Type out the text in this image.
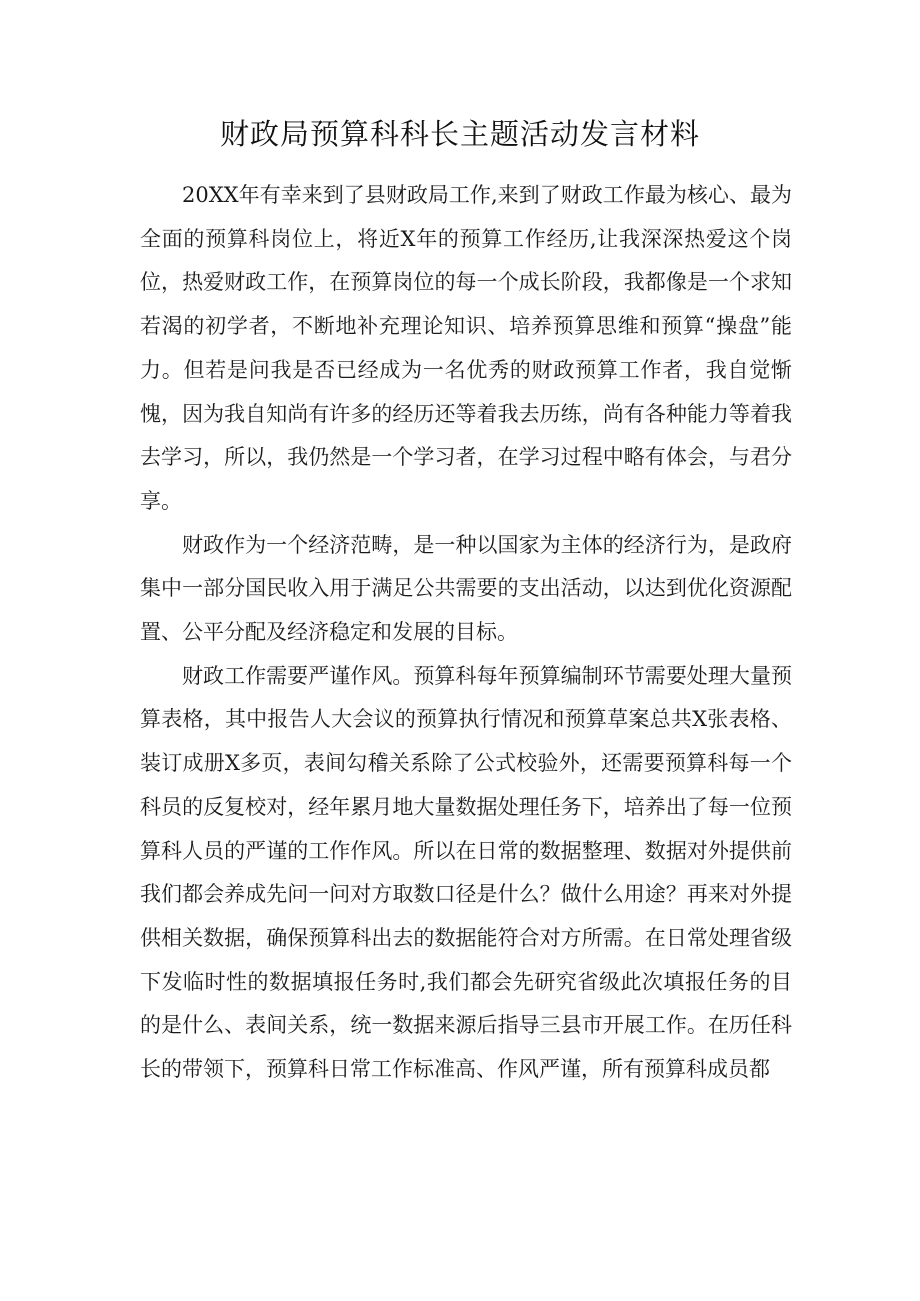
财政局预算科科长主题活动发言材料

20XX年有幸来到了县财政局工作,来到了财政工作最为核心、最为全面的预算科岗位上，将近X年的预算工作经历,让我深深热爱这个岗位，热爱财政工作，在预算岗位的每一个成长阶段，我都像是一个求知若渴的初学者，不断地补充理论知识、培养预算思维和预算“操盘”能力。但若是问我是否已经成为一名优秀的财政预算工作者，我自觉惭愧，因为我自知尚有许多的经历还等着我去历练，尚有各种能力等着我去学习，所以，我仍然是一个学习者，在学习过程中略有体会，与君分享。

财政作为一个经济范畴，是一种以国家为主体的经济行为，是政府集中一部分国民收入用于满足公共需要的支出活动，以达到优化资源配置、公平分配及经济稳定和发展的目标。

财政工作需要严谨作风。预算科每年预算编制环节需要处理大量预算表格，其中报告人大会议的预算执行情况和预算草案总共X张表格、装订成册X多页，表间勾稽关系除了公式校验外，还需要预算科每一个科员的反复校对，经年累月地大量数据处理任务下，培养出了每一位预算科人员的严谨的工作作风。所以在日常的数据整理、数据对外提供前我们都会养成先问一问对方取数口径是什么？做什么用途？再来对外提供相关数据，确保预算科出去的数据能符合对方所需。在日常处理省级下发临时性的数据填报任务时,我们都会先研究省级此次填报任务的目的是什么、表间关系，统一数据来源后指导三县市开展工作。在历任科长的带领下，预算科日常工作标准高、作风严谨，所有预算科成员都
